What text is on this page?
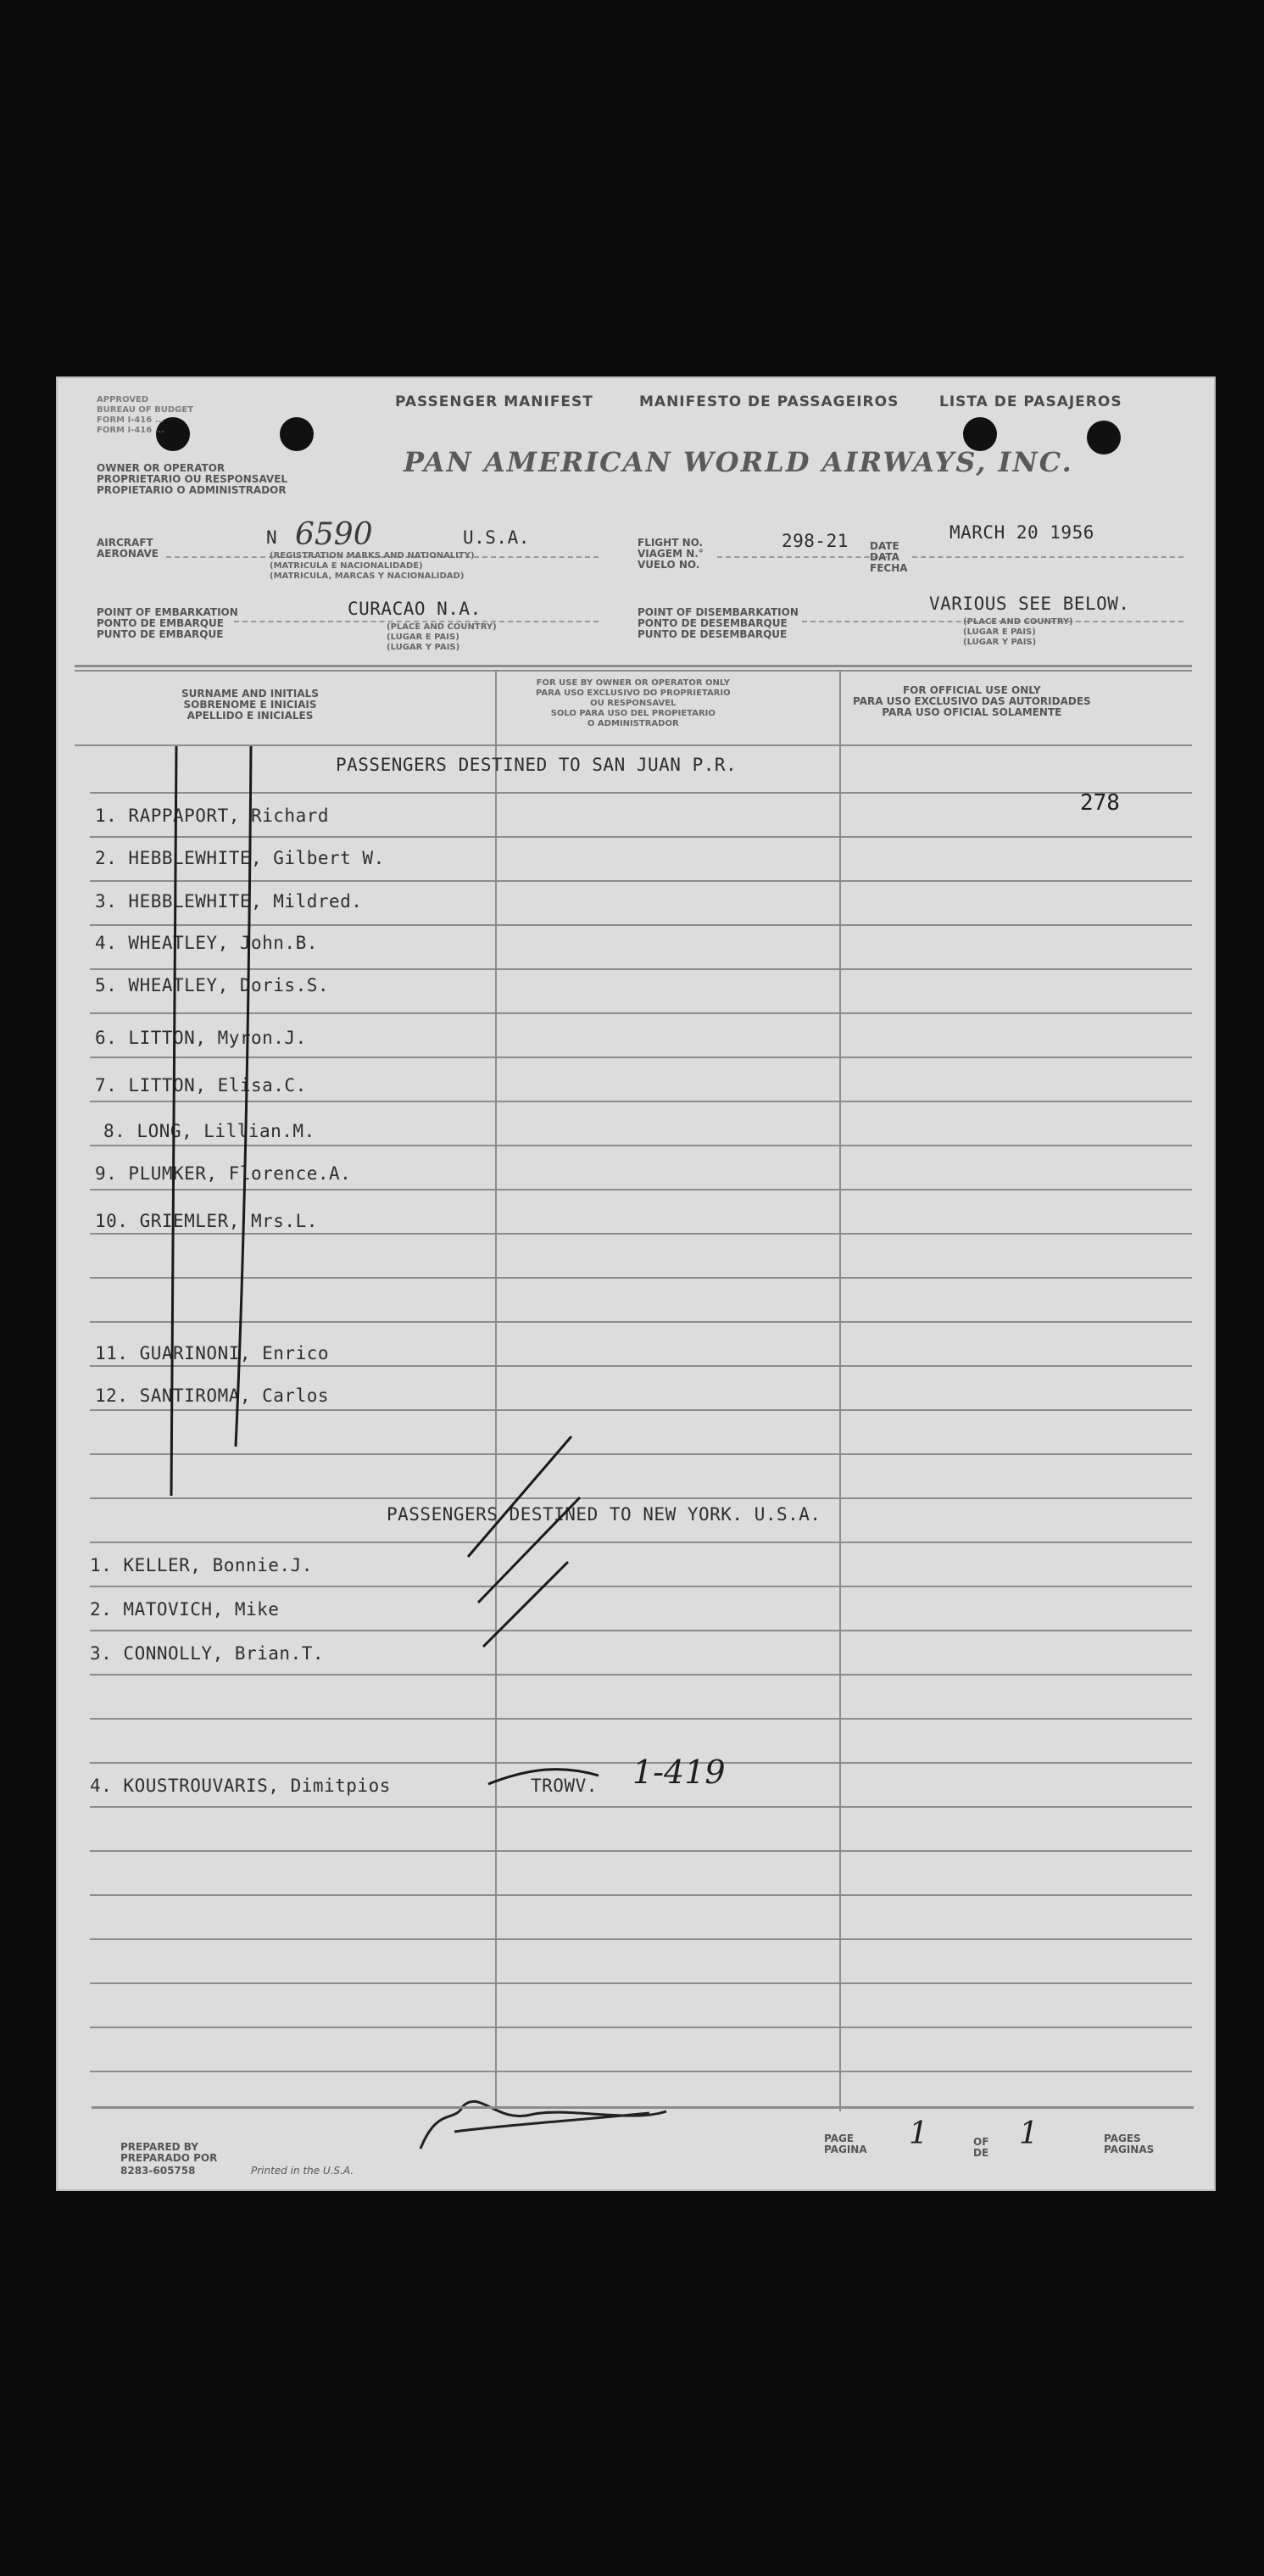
APPROVED
BUREAU OF BUDGET
FORM I-416 ...
FORM I-416 ...
PASSENGER MANIFEST	MANIFESTO DE PASSAGEIROS	LISTA DE PASAJEROS
OWNER OR OPERATOR
PROPRIETARIO OU RESPONSAVEL
PROPIETARIO O ADMINISTRADOR
PAN AMERICAN WORLD AIRWAYS, INC.
AIRCRAFT
AERONAVE
N 6590	U.S.A.
(REGISTRATION MARKS AND NATIONALITY)
(MATRICULA E NACIONALIDADE)
(MATRICULA, MARCAS Y NACIONALIDAD)
FLIGHT NO.
VIAGEM N.°
VUELO NO.
298-21 DATE
DATA
FECHA
MARCH 20 1956
POINT OF EMBARKATION
PONTO DE EMBARQUE
PUNTO DE EMBARQUE
CURACAO N.A.
(PLACE AND COUNTRY)
(LUGAR E PAIS)
(LUGAR Y PAIS)
POINT OF DISEMBARKATION
PONTO DE DESEMBARQUE
PUNTO DE DESEMBARQUE
VARIOUS SEE BELOW.
(PLACE AND COUNTRY)
(LUGAR E PAIS)
(LUGAR Y PAIS)
SURNAME AND INITIALS
SOBRENOME E INICIAIS
APELLIDO E INICIALES
FOR USE BY OWNER OR OPERATOR ONLY
PARA USO EXCLUSIVO DO PROPRIETARIO
OU RESPONSAVEL
SOLO PARA USO DEL PROPIETARIO
O ADMINISTRADOR
FOR OFFICIAL USE ONLY
PARA USO EXCLUSIVO DAS AUTORIDADES
PARA USO OFICIAL SOLAMENTE
PASSENGERS DESTINED TO SAN JUAN P.R.
278
1. RAPPAPORT, Richard
2. HEBBLEWHITE, Gilbert W.
3. HEBBLEWHITE, Mildred.
4. WHEATLEY, John.B.
5. WHEATLEY, Doris.S.
6. LITTON, Myron.J.
7. LITTON, Elisa.C.
8. LONG, Lillian.M.
9. PLUMKER, Florence.A.
10. GRIEMLER, Mrs.L.
11. GUARINONI, Enrico
12. SANTIROMA, Carlos
PASSENGERS DESTINED TO NEW YORK. U.S.A.
1. KELLER, Bonnie.J.
2. MATOVICH, Mike
3. CONNOLLY, Brian.T.
4. KOUSTROUVARIS, Dimitpios	TROWV. 1-419
PREPARED BY
PREPARADO POR
8283-605758	Printed in the U.S.A.
PAGE
PAGINA 1	OF
DE
1	PAGES
PAGINAS
